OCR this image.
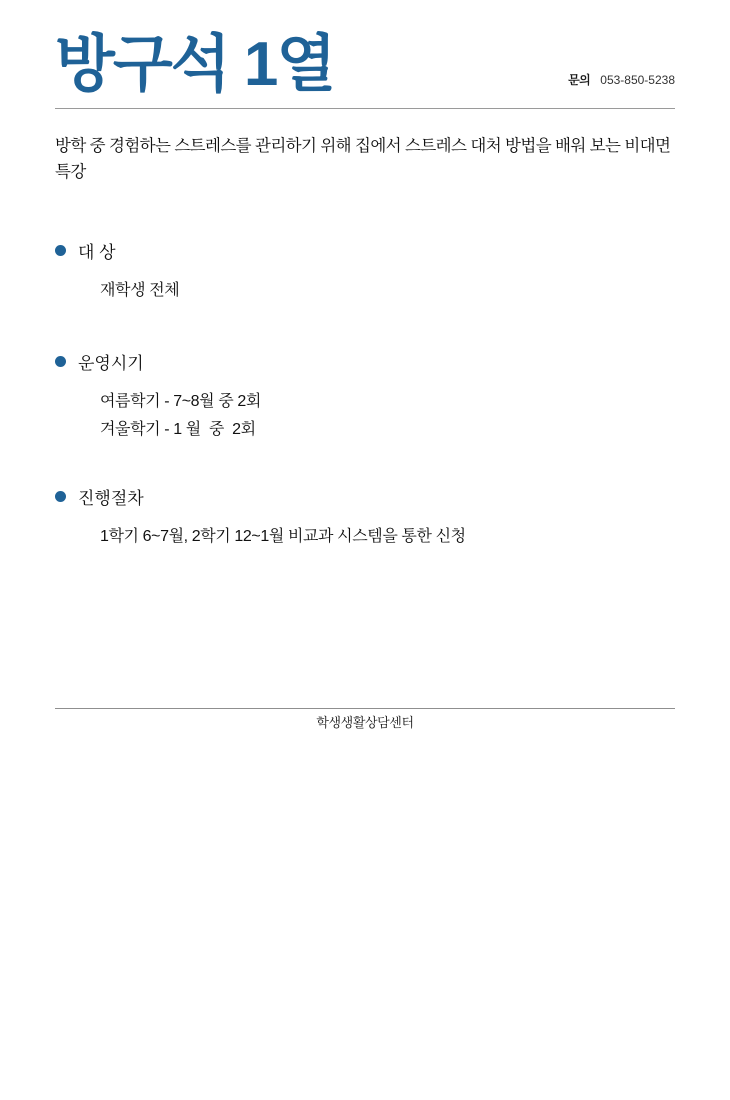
방구석 1열	문의 053-850-5238
방학 중 경험하는 스트레스를 관리하기 위해 집에서 스트레스 대처 방법을 배워 보는 비대면 특강
대 상
재학생 전체
운영시기
여름학기 - 7~8월 중 2회
겨울학기 - 1 월  중  2회
진행절차
1학기 6~7월, 2학기 12~1월 비교과 시스템을 통한 신청
학생생활상담센터
